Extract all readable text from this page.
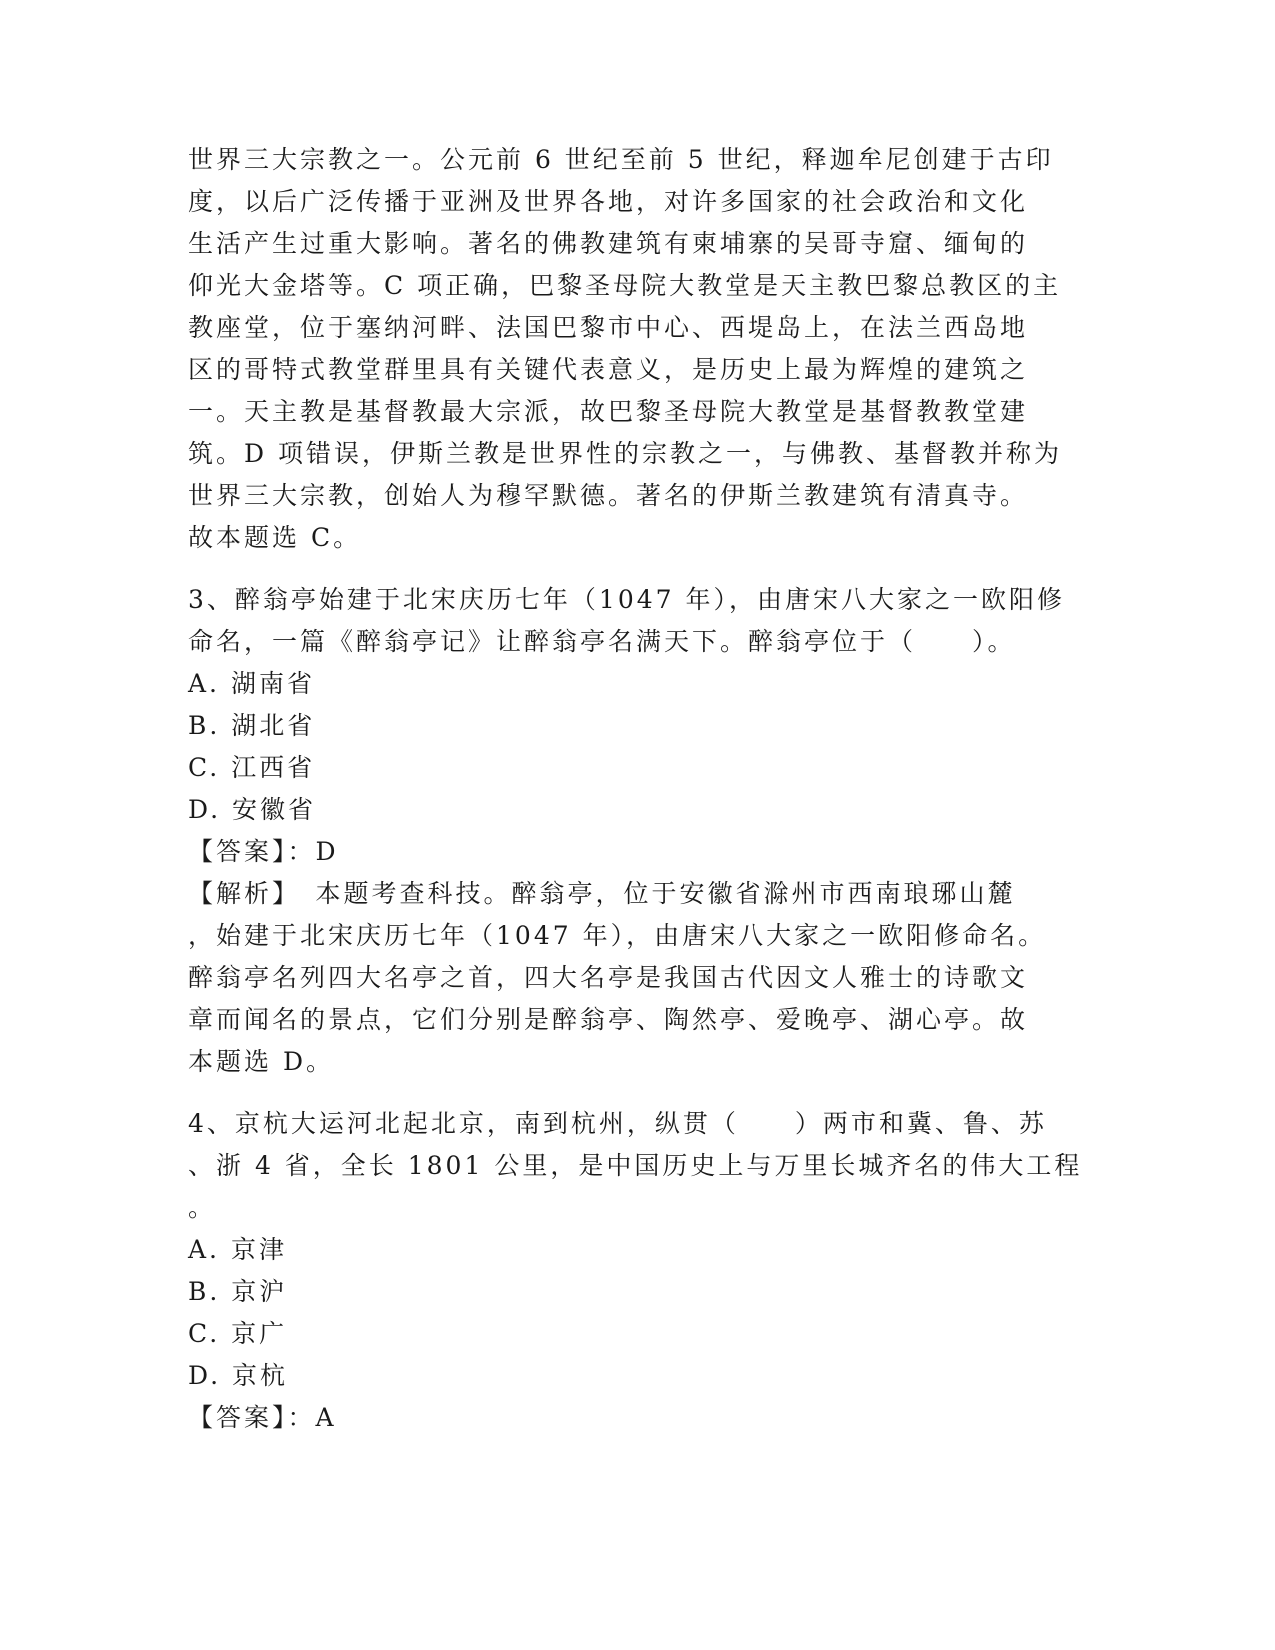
世界三大宗教之一。公元前 6 世纪至前 5 世纪，释迦牟尼创建于古印

度，以后广泛传播于亚洲及世界各地，对许多国家的社会政治和文化

生活产生过重大影响。著名的佛教建筑有柬埔寨的吴哥寺窟、缅甸的

仰光大金塔等。C 项正确，巴黎圣母院大教堂是天主教巴黎总教区的主

教座堂，位于塞纳河畔、法国巴黎市中心、西堤岛上，在法兰西岛地

区的哥特式教堂群里具有关键代表意义，是历史上最为辉煌的建筑之

一。天主教是基督教最大宗派，故巴黎圣母院大教堂是基督教教堂建

筑。D 项错误，伊斯兰教是世界性的宗教之一，与佛教、基督教并称为

世界三大宗教，创始人为穆罕默德。著名的伊斯兰教建筑有清真寺。

故本题选 C。

3、醉翁亭始建于北宋庆历七年（1047 年），由唐宋八大家之一欧阳修

命名，一篇《醉翁亭记》让醉翁亭名满天下。醉翁亭位于（　　）。

A. 湖南省

B. 湖北省

C. 江西省

D. 安徽省

【答案】：D

【解析】　本题考查科技。醉翁亭，位于安徽省滁州市西南琅琊山麓

，始建于北宋庆历七年（1047 年），由唐宋八大家之一欧阳修命名。

醉翁亭名列四大名亭之首，四大名亭是我国古代因文人雅士的诗歌文

章而闻名的景点，它们分别是醉翁亭、陶然亭、爱晚亭、湖心亭。故

本题选 D。

4、京杭大运河北起北京，南到杭州，纵贯（　　）两市和冀、鲁、苏

、浙 4 省，全长 1801 公里，是中国历史上与万里长城齐名的伟大工程

。

A. 京津

B. 京沪

C. 京广

D. 京杭

【答案】：A
